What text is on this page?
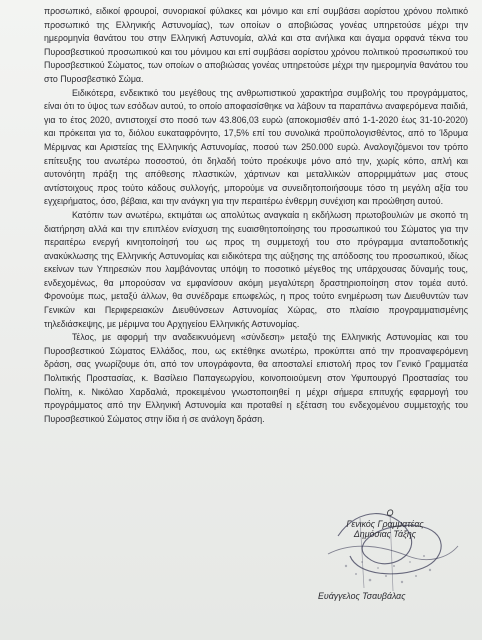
προσωπικό, ειδικοί φρουροί, συνοριακοί φύλακες και μόνιμο και επί συμβάσει αορίστου χρόνου πολιτικό προσωπικό της Ελληνικής Αστυνομίας), των οποίων ο αποβιώσας γονέας υπηρετούσε μέχρι την ημερομηνία θανάτου του στην Ελληνική Αστυνομία, αλλά και στα ανήλικα και άγαμα ορφανά τέκνα του Πυροσβεστικού προσωπικού και του μόνιμου και επί συμβάσει αορίστου χρόνου πολιτικού προσωπικού του Πυροσβεστικού Σώματος, των οποίων ο αποβιώσας γονέας υπηρετούσε μέχρι την ημερομηνία θανάτου του στο Πυροσβεστικό Σώμα.

Ειδικότερα, ενδεικτικό του μεγέθους της ανθρωπιστικού χαρακτήρα συμβολής του προγράμματος, είναι ότι το ύψος των εσόδων αυτού, το οποίο αποφασίσθηκε να λάβουν τα παραπάνω αναφερόμενα παιδιά, για το έτος 2020, αντιστοιχεί στο ποσό των 43.806,03 ευρώ (αποκομισθέν από 1-1-2020 έως 31-10-2020) και πρόκειται για το, διόλου ευκαταφρόνητο, 17,5% επί του συνολικά προϋπολογισθέντος, από το Ίδρυμα Μέριμνας και Αριστείας της Ελληνικής Αστυνομίας, ποσού των 250.000 ευρώ. Αναλογιζόμενοι τον τρόπο επίτευξης του ανωτέρω ποσοστού, ότι δηλαδή τούτο προέκυψε μόνο από την, χωρίς κόπο, απλή και αυτονόητη πράξη της απόθεσης πλαστικών, χάρτινων και μεταλλικών απορριμμάτων μας στους αντίστοιχους προς τούτο κάδους συλλογής, μπορούμε να συνειδητοποιήσουμε τόσο τη μεγάλη αξία του εγχειρήματος, όσο, βέβαια, και την ανάγκη για την περαιτέρω ένθερμη συνέχιση και προώθηση αυτού.

Κατόπιν των ανωτέρω, εκτιμάται ως απολύτως αναγκαία η εκδήλωση πρωτοβουλιών με σκοπό τη διατήρηση αλλά και την επιπλέον ενίσχυση της ευαισθητοποίησης του προσωπικού του Σώματος για την περαιτέρω ενεργή κινητοποίησή του ως προς τη συμμετοχή του στο πρόγραμμα ανταποδοτικής ανακύκλωσης της Ελληνικής Αστυνομίας και ειδικότερα της αύξησης της απόδοσης του προσωπικού, ιδίως εκείνων των Υπηρεσιών που λαμβάνοντας υπόψη το ποσοτικό μέγεθος της υπάρχουσας δύναμής τους, ενδεχομένως, θα μπορούσαν να εμφανίσουν ακόμη μεγαλύτερη δραστηριοποίηση στον τομέα αυτό. Φρονούμε πως, μεταξύ άλλων, θα συνέδραμε επωφελώς, η προς τούτο ενημέρωση των Διευθυντών των Γενικών και Περιφερειακών Διευθύνσεων Αστυνομίας Χώρας, στο πλαίσιο προγραμματισμένης τηλεδιάσκεψης, με μέριμνα του Αρχηγείου Ελληνικής Αστυνομίας.

Τέλος, με αφορμή την αναδεικνυόμενη «σύνδεση» μεταξύ της Ελληνικής Αστυνομίας και του Πυροσβεστικού Σώματος Ελλάδος, που, ως εκτέθηκε ανωτέρω, προκύπτει από την προαναφερόμενη δράση, σας γνωρίζουμε ότι, από τον υπογράφοντα, θα αποσταλεί επιστολή προς τον Γενικό Γραμματέα Πολιτικής Προστασίας, κ. Βασίλειο Παπαγεωργίου, κοινοποιούμενη στον Υφυπουργό Προστασίας του Πολίτη, κ. Νικόλαο Χαρδαλιά, προκειμένου γνωστοποιηθεί η μέχρι σήμερα επιτυχής εφαρμογή του προγράμματος από την Ελληνική Αστυνομία και προταθεί η εξέταση του ενδεχομένου συμμετοχής του Πυροσβεστικού Σώματος στην ίδια ή σε ανάλογη δράση.

Ο
Γενικός Γραμματέας
Δημόσιας Τάξης
Ευάγγελος Τσαυβάλας
